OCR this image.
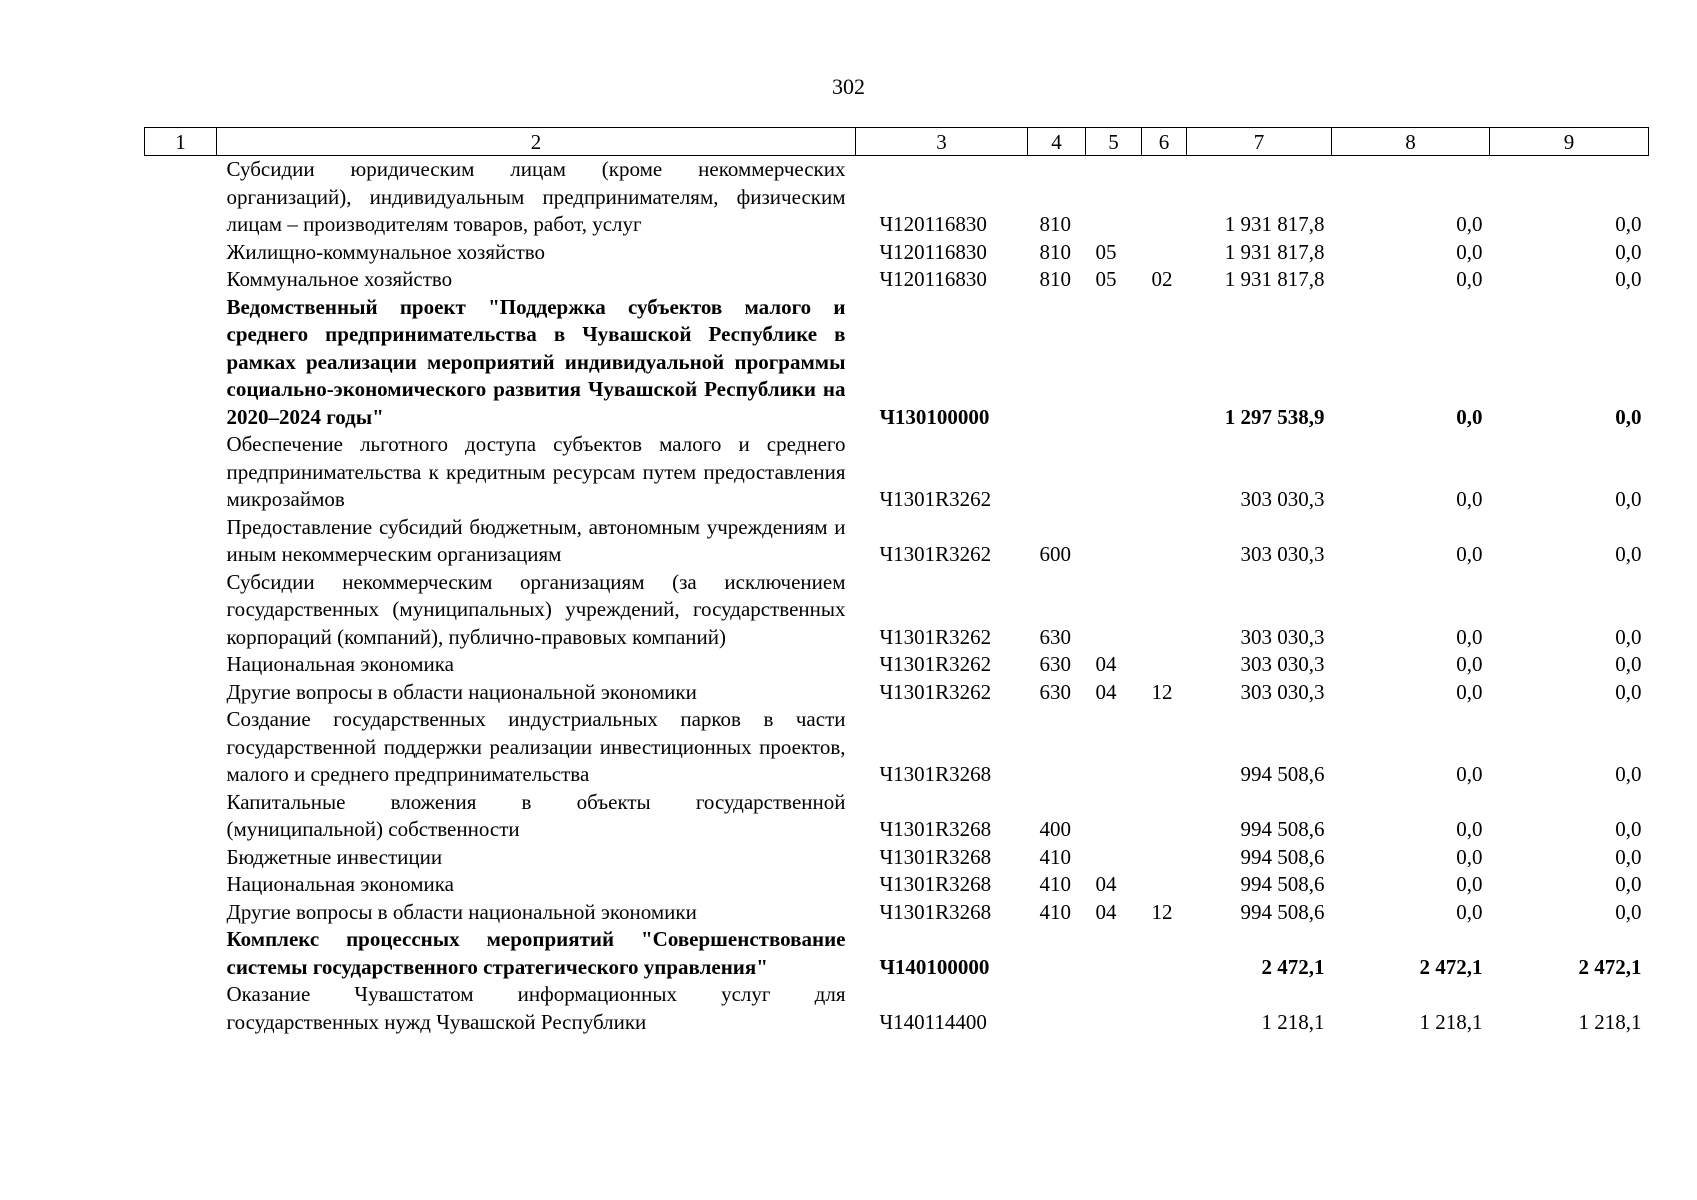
302
1	2	3	4	5	6	7	8	9
	Субсидии юридическим лицам (кроме некоммерческих организаций), индивидуальным предпринимателям, физическим лицам – производителям товаров, работ, услуг	Ч120116830	810			1 931 817,8	0,0	0,0
	Жилищно-коммунальное хозяйство	Ч120116830	810	05		1 931 817,8	0,0	0,0
	Коммунальное хозяйство	Ч120116830	810	05	02	1 931 817,8	0,0	0,0
	Ведомственный проект "Поддержка субъектов малого и среднего предпринимательства в Чувашской Республике в рамках реализации мероприятий индивидуальной программы социально-экономического развития Чувашской Республики на 2020–2024 годы"	Ч130100000				1 297 538,9	0,0	0,0
	Обеспечение льготного доступа субъектов малого и среднего предпринимательства к кредитным ресурсам путем предоставления микрозаймов	Ч1301R3262				303 030,3	0,0	0,0
	Предоставление субсидий бюджетным, автономным учреждениям и иным некоммерческим организациям	Ч1301R3262	600			303 030,3	0,0	0,0
	Субсидии некоммерческим организациям (за исключением государственных (муниципальных) учреждений, государственных корпораций (компаний), публично-правовых компаний)	Ч1301R3262	630			303 030,3	0,0	0,0
	Национальная экономика	Ч1301R3262	630	04		303 030,3	0,0	0,0
	Другие вопросы в области национальной экономики	Ч1301R3262	630	04	12	303 030,3	0,0	0,0
	Создание государственных индустриальных парков в части государственной поддержки реализации инвестиционных проектов, малого и среднего предпринимательства	Ч1301R3268				994 508,6	0,0	0,0
	Капитальные вложения в объекты государственной (муниципальной) собственности	Ч1301R3268	400			994 508,6	0,0	0,0
	Бюджетные инвестиции	Ч1301R3268	410			994 508,6	0,0	0,0
	Национальная экономика	Ч1301R3268	410	04		994 508,6	0,0	0,0
	Другие вопросы в области национальной экономики	Ч1301R3268	410	04	12	994 508,6	0,0	0,0
	Комплекс процессных мероприятий "Совершенствование системы государственного стратегического управления"	Ч140100000				2 472,1	2 472,1	2 472,1
	Оказание Чувашстатом информационных услуг для государственных нужд Чувашской Республики	Ч140114400				1 218,1	1 218,1	1 218,1
